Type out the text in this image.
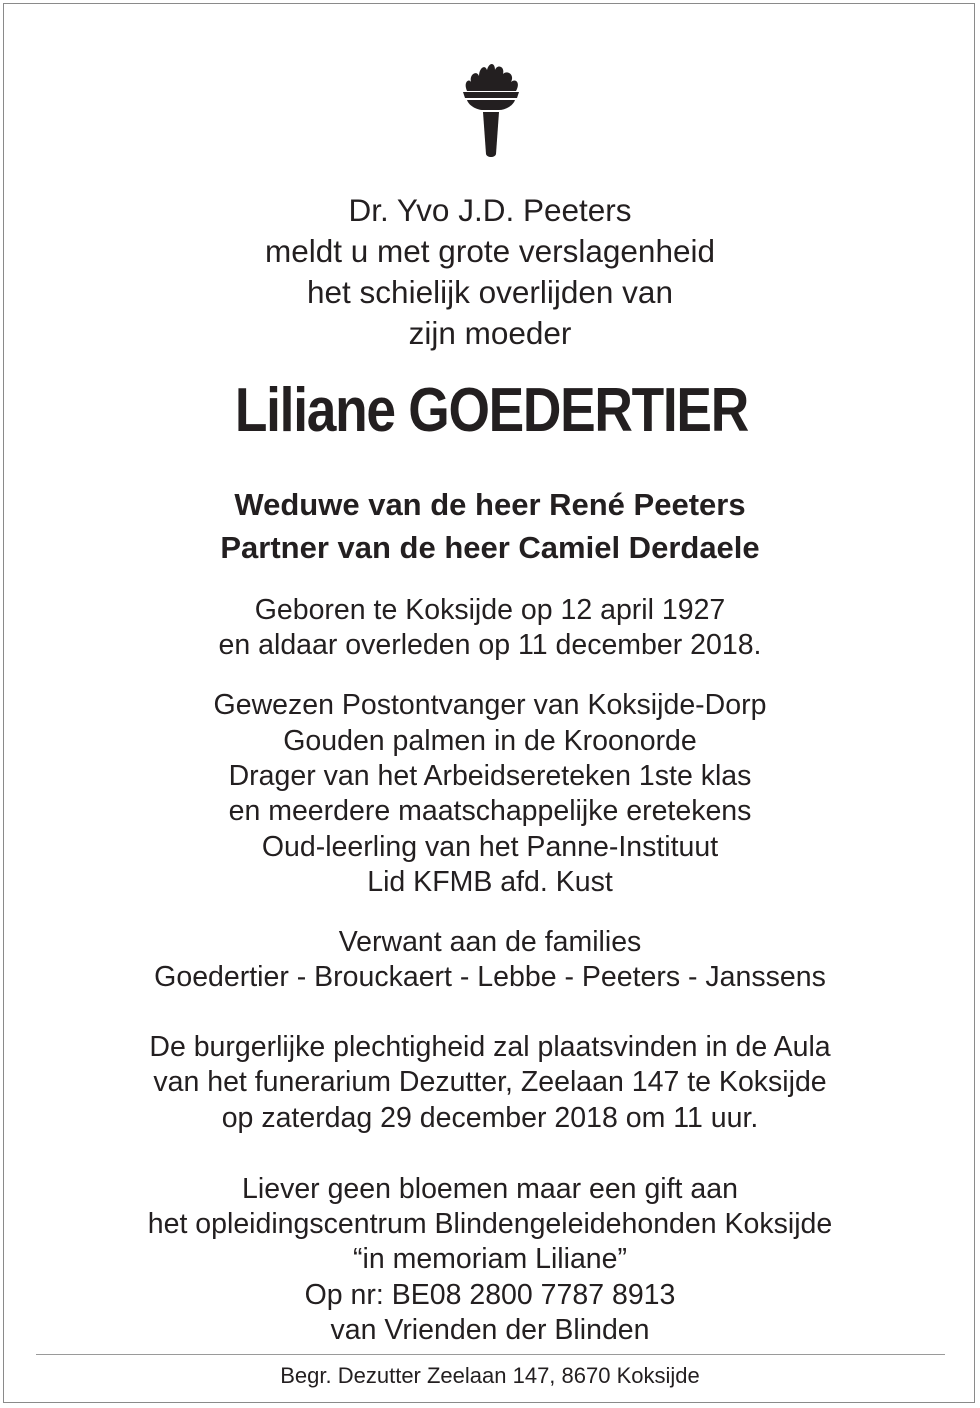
Dr. Yvo J.D. Peeters
meldt u met grote verslagenheid
het schielijk overlijden van
zijn moeder
Liliane GOEDERTIER
Weduwe van de heer René Peeters
Partner van de heer Camiel Derdaele
Geboren te Koksijde op 12 april 1927
en aldaar overleden op 11 december 2018.
Gewezen Postontvanger van Koksijde-Dorp
Gouden palmen in de Kroonorde
Drager van het Arbeidsereteken 1ste klas
en meerdere maatschappelijke eretekens
Oud-leerling van het Panne-Instituut
Lid KFMB afd. Kust
Verwant aan de families
Goedertier - Brouckaert - Lebbe - Peeters - Janssens
De burgerlijke plechtigheid zal plaatsvinden in de Aula
van het funerarium Dezutter, Zeelaan 147 te Koksijde
op zaterdag 29 december 2018 om 11 uur.
Liever geen bloemen maar een gift aan
het opleidingscentrum Blindengeleidehonden Koksijde
“in memoriam Liliane”
Op nr: BE08 2800 7787 8913
van Vrienden der Blinden
Begr. Dezutter Zeelaan 147, 8670 Koksijde
